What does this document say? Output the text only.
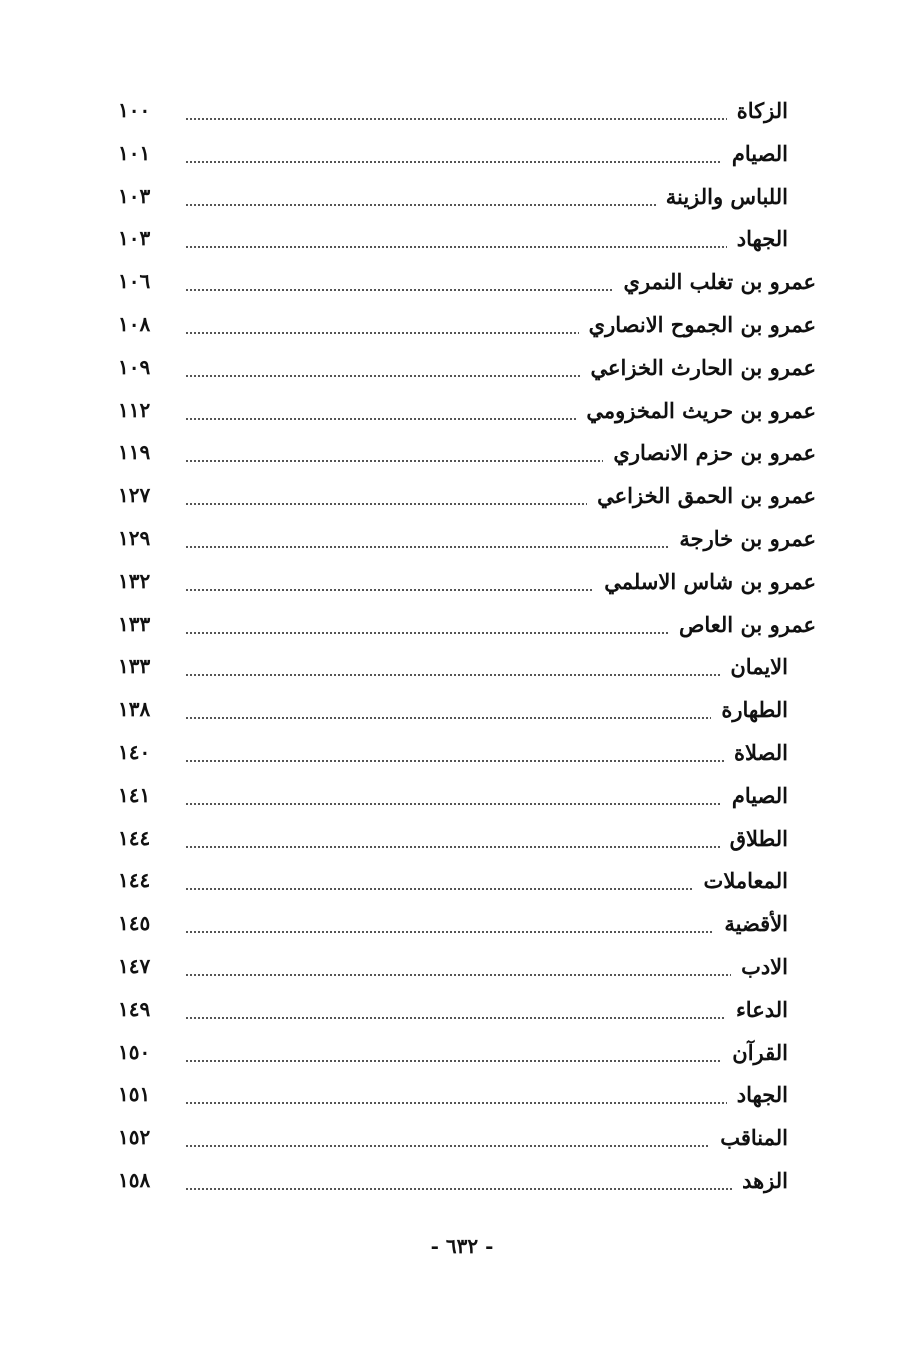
الزكاة
١٠٠
الصيام
١٠١
اللباس والزينة
١٠٣
الجهاد
١٠٣
عمرو بن تغلب النمري
١٠٦
عمرو بن الجموح الانصاري
١٠٨
عمرو بن الحارث الخزاعي
١٠٩
عمرو بن حريث المخزومي
١١٢
عمرو بن حزم الانصاري
١١٩
عمرو بن الحمق الخزاعي
١٢٧
عمرو بن خارجة
١٢٩
عمرو بن شاس الاسلمي
١٣٢
عمرو بن العاص
١٣٣
الايمان
١٣٣
الطهارة
١٣٨
الصلاة
١٤٠
الصيام
١٤١
الطلاق
١٤٤
المعاملات
١٤٤
الأقضية
١٤٥
الادب
١٤٧
الدعاء
١٤٩
القرآن
١٥٠
الجهاد
١٥١
المناقب
١٥٢
الزهد
١٥٨
- ٦٣٢ -
